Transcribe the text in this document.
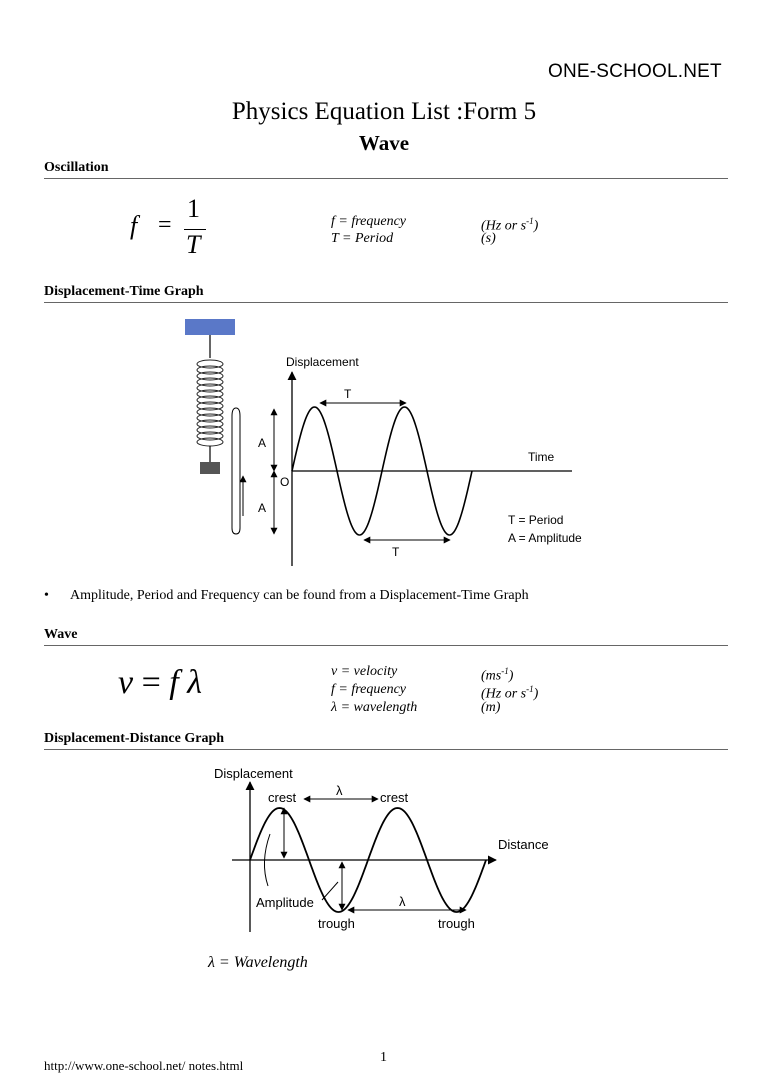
ONE-SCHOOL.NET
Physics Equation List :Form 5
Wave
Oscillation
f =
1
T
f = frequency	(Hz or $s^{-1}$)
T = Period	(s)
Displacement-Time Graph
Displacement
Time
O
T
T
A
A
T = Period
A = Amplitude
• Amplitude, Period and Frequency can be found from a Displacement-Time Graph
Wave
v = f λ	v = velocity	$(ms^{-1})$
f = frequency	(Hz or $s^{-1}$)
λ = wavelength	(m)
Displacement-Distance Graph
Displacement
Distance
crest	crest
λ
Amplitude	λ
trough	trough
λ = Wavelength
http://www.one-school.net/ notes.html
1
